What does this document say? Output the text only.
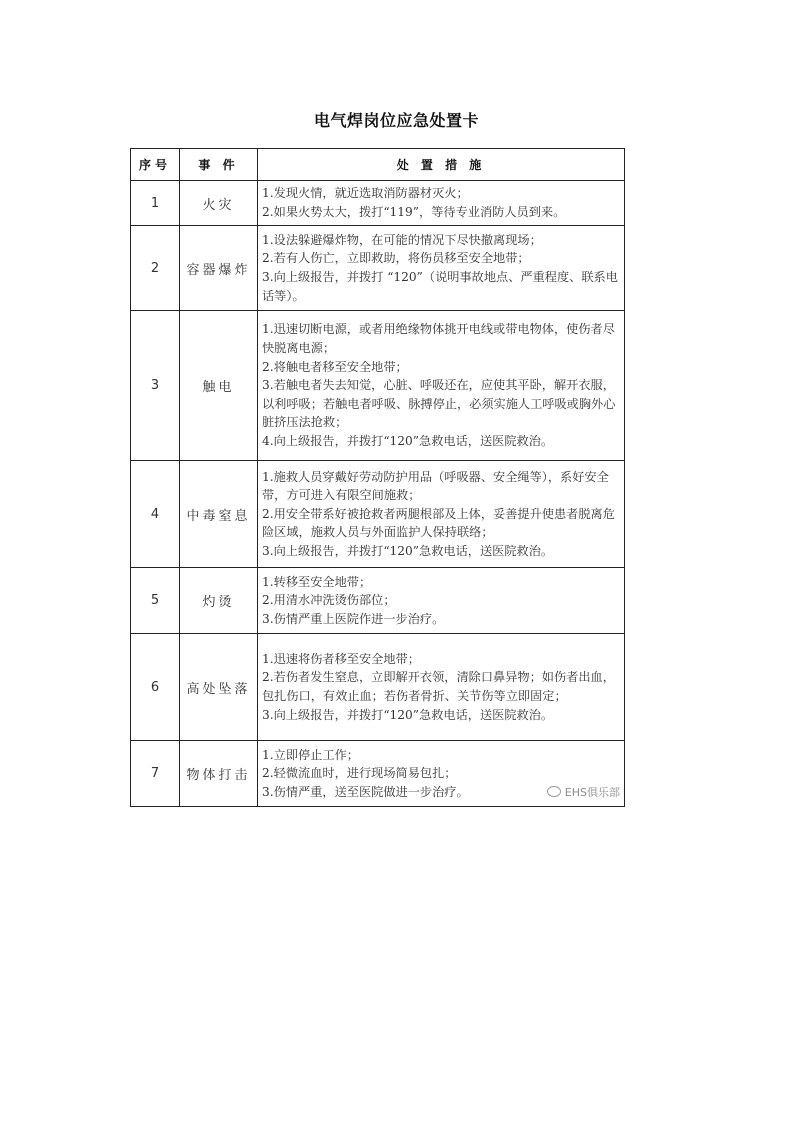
电气焊岗位应急处置卡
序号	事 件	处 置 措 施
1	火灾	1.发现火情，就近选取消防器材灭火；
2.如果火势太大，拨打“119”，等待专业消防人员到来。

2	容器爆炸	1.设法躲避爆炸物，在可能的情况下尽快撤离现场；
2.若有人伤亡，立即救助，将伤员移至安全地带；
3.向上级报告，并拨打 “120”（说明事故地点、严重程度、联系电话等）。

3	触电	1.迅速切断电源，或者用绝缘物体挑开电线或带电物体，使伤者尽快脱离电源；
2.将触电者移至安全地带；
3.若触电者失去知觉，心脏、呼吸还在，应使其平卧，解开衣服，以利呼吸；若触电者呼吸、脉搏停止，必须实施人工呼吸或胸外心脏挤压法抢救；
4.向上级报告，并拨打“120”急救电话，送医院救治。

4	中毒窒息	1.施救人员穿戴好劳动防护用品（呼吸器、安全绳等），系好安全带，方可进入有限空间施救；
2.用安全带系好被抢救者两腿根部及上体，妥善提升使患者脱离危险区域，施救人员与外面监护人保持联络；
3.向上级报告，并拨打“120”急救电话，送医院救治。

5	灼烫	1.转移至安全地带；
2.用清水冲洗烫伤部位；
3.伤情严重上医院作进一步治疗。

6	高处坠落	1.迅速将伤者移至安全地带；
2.若伤者发生窒息，立即解开衣领，清除口鼻异物；如伤者出血，包扎伤口，有效止血；若伤者骨折、关节伤等立即固定；
3.向上级报告，并拨打“120”急救电话，送医院救治。

7	物体打击	1.立即停止工作；
2.轻微流血时，进行现场简易包扎；
3.伤情严重，送至医院做进一步治疗。 EHS俱乐部
